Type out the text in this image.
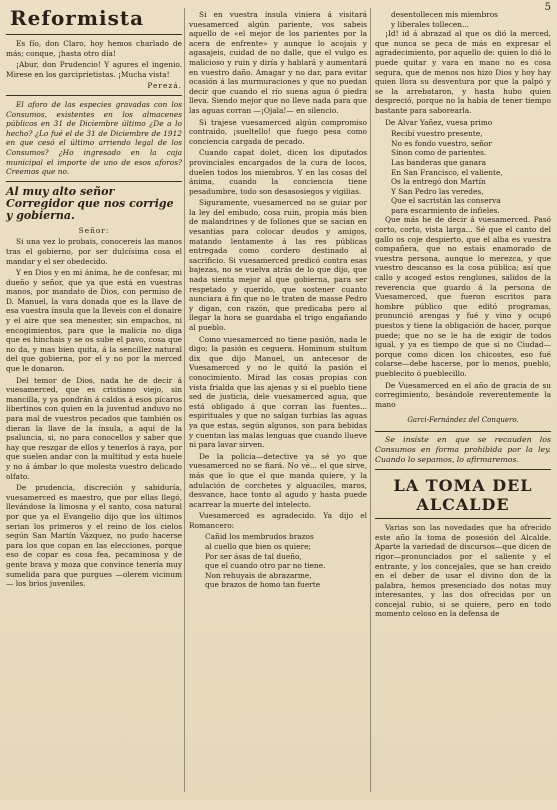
5
Reformista

Es fío, don Claro, hoy hemos charlado de más; conque, ¡hasta otro día!

¡Abur, don Prudencio! Y agures el ingenio. Mirese en los garciprietistas. ¡Mucha vista!

Perezá.

El aforo de las especies gravadas con los Consumos, existentes en los almacenes públicos en 31 de Diciembre último ¿De a lo hecho? ¿Lo fué el de 31 de Diciembre de 1912 en que cesó el último arriendo legal de los Consumos? ¿Ho ingresado en la caja municipal el importe de uno de esos aforos? Creemos que no.

Al muy alto señor Corregidor que nos corrige y gobierna.

Señor:

Si una vez lo probais, conocereis las manos tras el gobierno, por ser dulcísima cosa el mandar y el ser obedecido.

Y en Dios y en mi ánima, he de confesar, mi dueño y señor, que ya que está en vuestras manos, por mandato de Dios, con permiso de D. Manuel, la vara donada que es la llave de esa vuestra ínsula que la lleveis con el donaire y el aire que sea menester, sin empachos, ni encogimientos, para que la malicia no diga que es hinchais y se os sube el pavo, cosa que no da, y mas bien quita, á la sencillez natural del que gobierna, por el y no por la merced que le donaron.

Del temor de Dios, nada he de decir á vuesamerced, que es cristiano viejo, sin mancilla, y ya pondrán á caldos á esos pícaros libertinos con quien en la juventud anduvo no para mal de vuestros pecados que también os dieran la llave de la ínsula, a aquí de la psaluncia, si, no para conocellos y saber que hay que reszgar de ellos y tenerlos á raya, por que suelen andar con la multitud y esta huele y no á ámbar lo que molesta vuestro delicado olfato.

De prudencia, discreción y sabiduría, vuesamerced es maestro, que por ellas llegó, llevándose la limosna y el santo, cosa natural por que ya el Evangelio dijo que los últimos serian los primeros y el reino de los cielos según San Martín Vázquez, no pudo hacerse para los que copan en las elecciones, porque eso de copar es cosa fea, pecaminosa y de gente brava y moza que convince tenería muy sumelida para que purgues —olerem vicinum— los brios juveniles.

Si en vuestra ínsula viniera á visitará vuesamerced algún pariente, vos sabeis aquello de «el mejor de los parientes por la acera de enfrente» y aunque lo acojais y agasajeis, cuidad de no dalle, que el vulgo es malicioso y ruin y diría y hablará y aumentará en vuestro daño. Amagar y no dar, para evitar ocasión á las murmuraciones y que no puedan decir que cuando el río suena agua ó piedra lleva. Siendo mejor que no lleve nada para que las aguas corran —¡Ojala!— en silencio.

Si trajese vuesamerced algún compromiso contraido, ¡sueltello! que fuego pesa como conciencia cargada de pecado.

Cuando capat dolet, dicen los diputados provinciales encargados de la cura de locos, duelen todos los miembros. Y en las cosas del ánima, cuando la conciencia tiene pesadumbre, todo son desasosiegos y vigilias.

Siguramente, vuesamerced no se guiar por la ley del embudo, cosa ruin, propia más bien de malandrines y de follones que se sacian en vesantias para colocar deudos y amigos, matando lentamente á las res públicas entregada como cordero destinado al sacrificio. Si vuesamerced predicó contra esas bajezas, no se vuelva atrás de lo que dijo, que nada sienta mejor al que gobierna, para ser respetado y querido, que sostener cuanto aunciara á fin que no le traten de masse Pedro y digan, con razón, que predicaba pero al llegar la hora se guardaba el trigo engañando al pueblo.

Como vuesamerced no tiene pasión, nada le digo; la pasión es ceguera. Hominum stultum dix que dijo Manuel, un antecesor de Vuesamerced y no le quitó la pasión el conocimiento. Mirad las cosas propias con vista frialda que las ajenas y si el pueblo tiene sed de justicia, dele vuesamerced agua, que está obligado á que corran las fuentes... espirituales y que no salgan turbias las aguas ya que estas, según algunos, son para bebidas y cuentan las malas lenguas que cuando llueve ni para lavar sirven.

De la policía—detective ya sé yo que vuesamerced no se fiará. No vé... el que sirve, más que lo que el que manda quiere, y la adulación de corchetes y alguaciles, maros, desvance, hace tonto al agudo y hasta puede acarrear la muerte del intelecto.

Vuesamerced es agradecido. Ya dijo el Romancero:

Cañid los membrudos brazos
al cuello que bien os quiere;
Por ser ásas de tal dueño,
que el cuando otro par no tiene.
Non rehuyais de abrazarme,
que brazos de homo tan fuerte
desentollecen mis miembros
y liberales tollecen...

¡Id! id á abrazad al que os dió la merced, que nunca se peca de más en expresar el agradecimiento, por aquello de: quien lo dió lo puede quitar y vara en mano no es cosa segura, que de menos nos hizo Dios y hoy hay quien llora su desventura por que la palpó y se la arrebataron, y hasta hubo quien despreció, porque no la había de tener tiempo bastante para saborearla.

De Alvar Yañez, vuesa primo

Recibí vuestro presente,
No es fondo vuestro, señor
Sinon como de parientes.
Las banderas que ganara
En San Francisco, el valiente,
Os la entregó don Martín
Y San Pedro las veredes,
Que el sacristán las conserva
para escarmiento de infieles.

Que más he de decir á vuesamerced. Pasó corto, corto, vista larga... Sé que el canto del gallo os coje despierto, que el alba es vuestra compañera, que no estais enamorado de vuestra persona, aunque lo merezca, y que vuestro descanso es la cosa pública; así que callo y acoged estos renglones, salidos de la reverencia que guardo á la persona de Vuesamerced, que fueron escritos para hombre público que editó programas, pronunció arengas y fué y vino y ocupó puestos y tiene la obligación de hacer, porque puede; que no se le ha de exigir de todos igual, y ya es tiempo de que si no Ciudad—porque como dicen los chicostes, eso fué colarse—debe hacerse, por lo menos, pueblo, pueblecito ó pueblecillo.

De Vuesamerced en el año de gracia de su corregimiento, besándole reverentemente la mano

Garci-Fernández del Conquero.

Se insiste en que se recauden los Consumos en forma prohibida por la ley. Cuando lo sepamos, lo afirmaremos.

LA TOMA DEL ALCALDE

Varias son las novedades que ha ofrecido este año la toma de posesión del Alcalde. Aparte la variedad de discursos—que dicen de rigor—pronunciados por el saliente y el entrante, y los concejales, que se han creido en el deber de usar el divino don de la palabra, hemos presenciado dos notas muy interesantes, y las dos ofrecidas por un concejal rubio, si se quiere, pero en todo momento celoso en la defensa de
